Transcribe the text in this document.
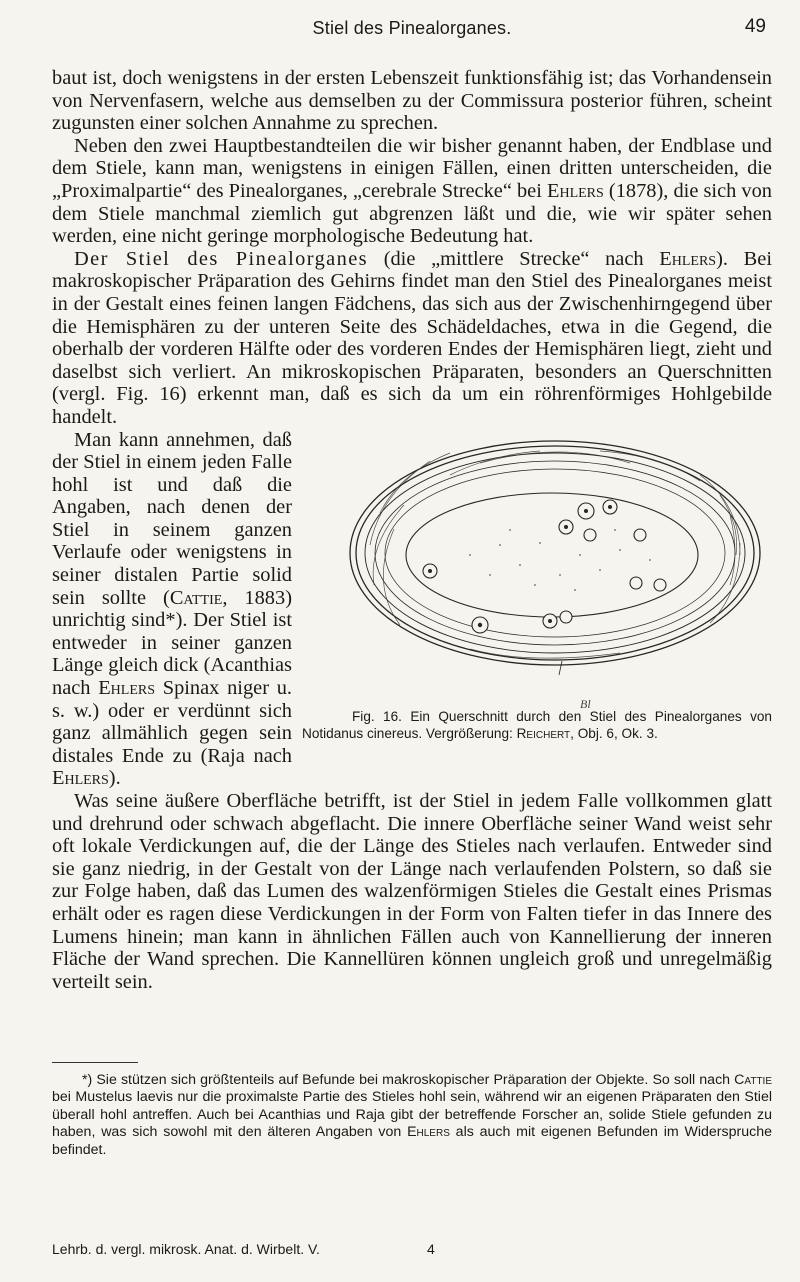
Stiel des Pinealorganes.	49

baut ist, doch wenigstens in der ersten Lebenszeit funktionsfähig ist; das Vorhandensein von Nervenfasern, welche aus demselben zu der Commissura posterior führen, scheint zugunsten einer solchen Annahme zu sprechen.

Neben den zwei Hauptbestandteilen die wir bisher genannt haben, der Endblase und dem Stiele, kann man, wenigstens in einigen Fällen, einen dritten unterscheiden, die „Proximalpartie“ des Pinealorganes, „cerebrale Strecke“ bei Ehlers (1878), die sich von dem Stiele manchmal ziemlich gut abgrenzen läßt und die, wie wir später sehen werden, eine nicht geringe morphologische Bedeutung hat.

Der Stiel des Pinealorganes (die „mittlere Strecke“ nach Ehlers). Bei makroskopischer Präparation des Gehirns findet man den Stiel des Pinealorganes meist in der Gestalt eines feinen langen Fädchens, das sich aus der Zwischenhirngegend über die Hemisphären zu der unteren Seite des Schädeldaches, etwa in die Gegend, die oberhalb der vorderen Hälfte oder des vorderen Endes der Hemisphären liegt, zieht und daselbst sich verliert. An mikroskopischen Präparaten, besonders an Querschnitten (vergl. Fig. 16) erkennt man, daß es sich da um ein röhrenförmiges Hohlgebilde handelt.

Bl
Fig. 16. Ein Querschnitt durch den Stiel des Pinealorganes von Notidanus cinereus. Vergrößerung: Reichert, Obj. 6, Ok. 3.
Man kann annehmen, daß der Stiel in einem jeden Falle hohl ist und daß die Angaben, nach denen der Stiel in seinem ganzen Verlaufe oder wenigstens in seiner distalen Partie solid sein sollte (Cattie, 1883) unrichtig sind*). Der Stiel ist entweder in seiner ganzen Länge gleich dick (Acanthias nach Ehlers Spinax niger u. s. w.) oder er verdünnt sich ganz allmählich gegen sein distales Ende zu (Raja nach Ehlers).

Was seine äußere Oberfläche betrifft, ist der Stiel in jedem Falle vollkommen glatt und drehrund oder schwach abgeflacht. Die innere Oberfläche seiner Wand weist sehr oft lokale Verdickungen auf, die der Länge des Stieles nach verlaufen. Entweder sind sie ganz niedrig, in der Gestalt von der Länge nach verlaufenden Polstern, so daß sie zur Folge haben, daß das Lumen des walzenförmigen Stieles die Gestalt eines Prismas erhält oder es ragen diese Verdickungen in der Form von Falten tiefer in das Innere des Lumens hinein; man kann in ähnlichen Fällen auch von Kannellierung der inneren Fläche der Wand sprechen. Die Kannellüren können ungleich groß und unregelmäßig verteilt sein.

*) Sie stützen sich größtenteils auf Befunde bei makroskopischer Präparation der Objekte. So soll nach Cattie bei Mustelus laevis nur die proximalste Partie des Stieles hohl sein, während wir an eigenen Präparaten den Stiel überall hohl antreffen. Auch bei Acanthias und Raja gibt der betreffende Forscher an, solide Stiele gefunden zu haben, was sich sowohl mit den älteren Angaben von Ehlers als auch mit eigenen Befunden im Widerspruche befindet.

Lehrb. d. vergl. mikrosk. Anat. d. Wirbelt. V.	4
